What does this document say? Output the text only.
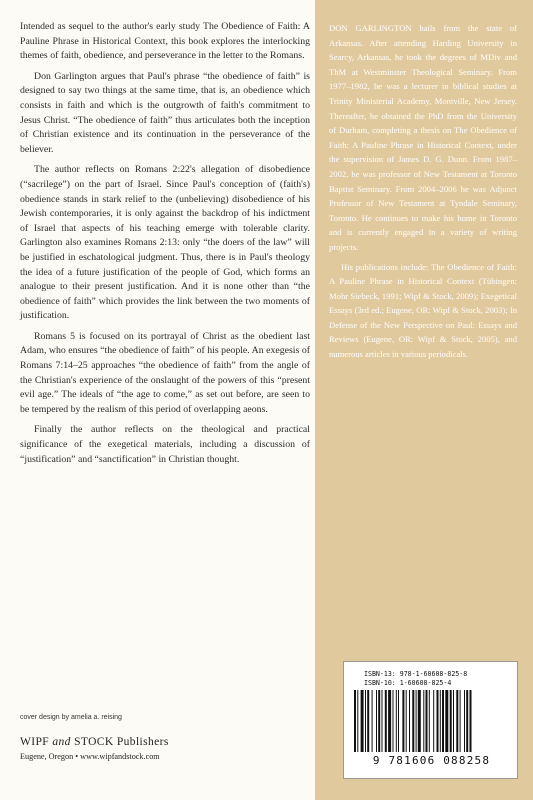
Intended as sequel to the author's early study The Obedience of Faith: A Pauline Phrase in Historical Context, this book explores the interlocking themes of faith, obedience, and perseverance in the letter to the Romans.

Don Garlington argues that Paul's phrase “the obedience of faith” is designed to say two things at the same time, that is, an obedience which consists in faith and which is the outgrowth of faith's commitment to Jesus Christ. “The obedience of faith” thus articulates both the inception of Christian existence and its continuation in the perseverance of the believer.

The author reflects on Romans 2:22's allegation of disobedience (“sacrilege”) on the part of Israel. Since Paul's conception of (faith's) obedience stands in stark relief to the (unbelieving) disobedience of his Jewish contemporaries, it is only against the backdrop of his indictment of Israel that aspects of his teaching emerge with tolerable clarity. Garlington also examines Romans 2:13: only “the doers of the law” will be justified in eschatological judgment. Thus, there is in Paul's theology the idea of a future justification of the people of God, which forms an analogue to their present justification. And it is none other than “the obedience of faith” which provides the link between the two moments of justification.

Romans 5 is focused on its portrayal of Christ as the obedient last Adam, who ensures “the obedience of faith” of his people. An exegesis of Romans 7:14–25 approaches “the obedience of faith” from the angle of the Christian's experience of the onslaught of the powers of this “present evil age.” The ideals of “the age to come,” as set out before, are seen to be tempered by the realism of this period of overlapping aeons.

Finally the author reflects on the theological and practical significance of the exegetical materials, including a discussion of “justification” and “sanctification” in Christian thought.

DON GARLINGTON hails from the state of Arkansas. After attending Harding University in Searcy, Arkansas, he took the degrees of MDiv and ThM at Westminster Theological Seminary. From 1977–1982, he was a lecturer in biblical studies at Trinity Ministerial Academy, Montville, New Jersey. Thereafter, he obtained the PhD from the University of Durham, completing a thesis on The Obedience of Faith: A Pauline Phrase in Historical Context, under the supervision of James D. G. Dunn. From 1987–2002, he was professor of New Testament at Toronto Baptist Seminary. From 2004–2006 he was Adjunct Professor of New Testament at Tyndale Seminary, Toronto. He continues to make his home in Toronto and is currently engaged in a variety of writing projects.

His publications include: The Obedience of Faith: A Pauline Phrase in Historical Context (Tübingen: Mohr Siebeck, 1991; Wipf & Stock, 2009); Exegetical Essays (3rd ed.; Eugene, OR: Wipf & Stock, 2003); In Defense of the New Perspective on Paul: Essays and Reviews (Eugene, OR: Wipf & Stock, 2005), and numerous articles in various periodicals.

cover design by amelia a. reising
WIPF and STOCK Publishers
Eugene, Oregon • www.wipfandstock.com
ISBN-13: 978-1-60608-825-8
ISBN-10: 1-60608-825-4
9 781606 088258
